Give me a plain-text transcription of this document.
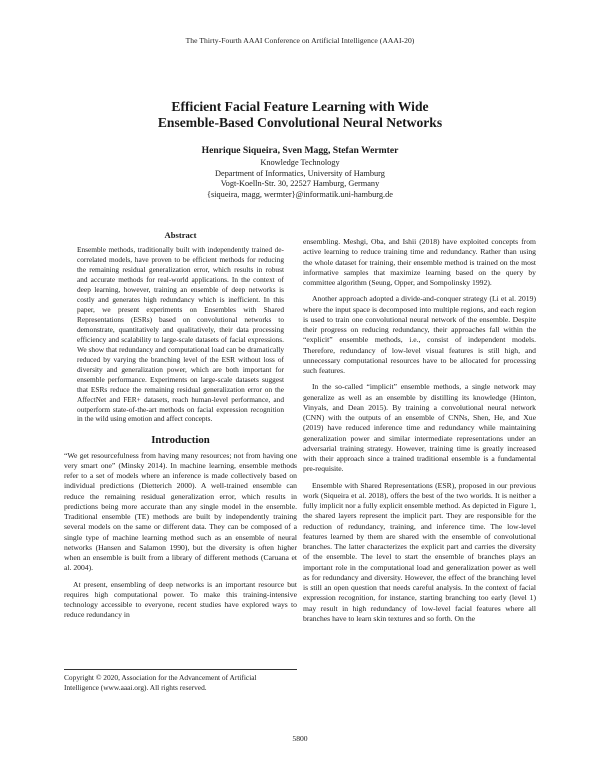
The Thirty-Fourth AAAI Conference on Artificial Intelligence (AAAI-20)

Efficient Facial Feature Learning with Wide

Ensemble-Based Convolutional Neural Networks

Henrique Siqueira, Sven Magg, Stefan Wermter
Knowledge Technology
Department of Informatics, University of Hamburg
Vogt-Koelln-Str. 30, 22527 Hamburg, Germany
{siqueira, magg, wermter}@informatik.uni-hamburg.de
Abstract

Ensemble methods, traditionally built with independently trained de-correlated models, have proven to be efficient methods for reducing the remaining residual generalization error, which results in robust and accurate methods for real-world applications. In the context of deep learning, however, training an ensemble of deep networks is costly and generates high redundancy which is inefficient. In this paper, we present experiments on Ensembles with Shared Representations (ESRs) based on convolutional networks to demonstrate, quantitatively and qualitatively, their data processing efficiency and scalability to large-scale datasets of facial expressions. We show that redundancy and computational load can be dramatically reduced by varying the branching level of the ESR without loss of diversity and generalization power, which are both important for ensemble performance. Experiments on large-scale datasets suggest that ESRs reduce the remaining residual generalization error on the AffectNet and FER+ datasets, reach human-level performance, and outperform state-of-the-art methods on facial expression recognition in the wild using emotion and affect concepts.

Introduction

“We get resourcefulness from having many resources; not from having one very smart one” (Minsky 2014). In machine learning, ensemble methods refer to a set of models where an inference is made collectively based on individual predictions (Dietterich 2000). A well-trained ensemble can reduce the remaining residual generalization error, which results in predictions being more accurate than any single model in the ensemble. Traditional ensemble (TE) methods are built by independently training several models on the same or different data. They can be composed of a single type of machine learning method such as an ensemble of neural networks (Hansen and Salamon 1990), but the diversity is often higher when an ensemble is built from a library of different methods (Caruana et al. 2004).

At present, ensembling of deep networks is an important resource but requires high computational power. To make this training-intensive technology accessible to everyone, recent studies have explored ways to reduce redundancy in

ensembling. Meshgi, Oba, and Ishii (2018) have exploited concepts from active learning to reduce training time and redundancy. Rather than using the whole dataset for training, their ensemble method is trained on the most informative samples that maximize learning based on the query by committee algorithm (Seung, Opper, and Sompolinsky 1992).

Another approach adopted a divide-and-conquer strategy (Li et al. 2019) where the input space is decomposed into multiple regions, and each region is used to train one convolutional neural network of the ensemble. Despite their progress on reducing redundancy, their approaches fall within the “explicit” ensemble methods, i.e., consist of independent models. Therefore, redundancy of low-level visual features is still high, and unnecessary computational resources have to be allocated for processing such features.

In the so-called “implicit” ensemble methods, a single network may generalize as well as an ensemble by distilling its knowledge (Hinton, Vinyals, and Dean 2015). By training a convolutional neural network (CNN) with the outputs of an ensemble of CNNs, Shen, He, and Xue (2019) have reduced inference time and redundancy while maintaining generalization power and similar intermediate representations under an adversarial training strategy. However, training time is greatly increased with their approach since a trained traditional ensemble is a fundamental pre-requisite.

Ensemble with Shared Representations (ESR), proposed in our previous work (Siqueira et al. 2018), offers the best of the two worlds. It is neither a fully implicit nor a fully explicit ensemble method. As depicted in Figure 1, the shared layers represent the implicit part. They are responsible for the reduction of redundancy, training, and inference time. The low-level features learned by them are shared with the ensemble of convolutional branches. The latter characterizes the explicit part and carries the diversity of the ensemble. The level to start the ensemble of branches plays an important role in the computational load and generalization power as well as for redundancy and diversity. However, the effect of the branching level is still an open question that needs careful analysis. In the context of facial expression recognition, for instance, starting branching too early (level 1) may result in high redundancy of low-level facial features where all branches have to learn skin textures and so forth. On the

Copyright © 2020, Association for the Advancement of Artificial
Intelligence (www.aaai.org). All rights reserved.
5800
